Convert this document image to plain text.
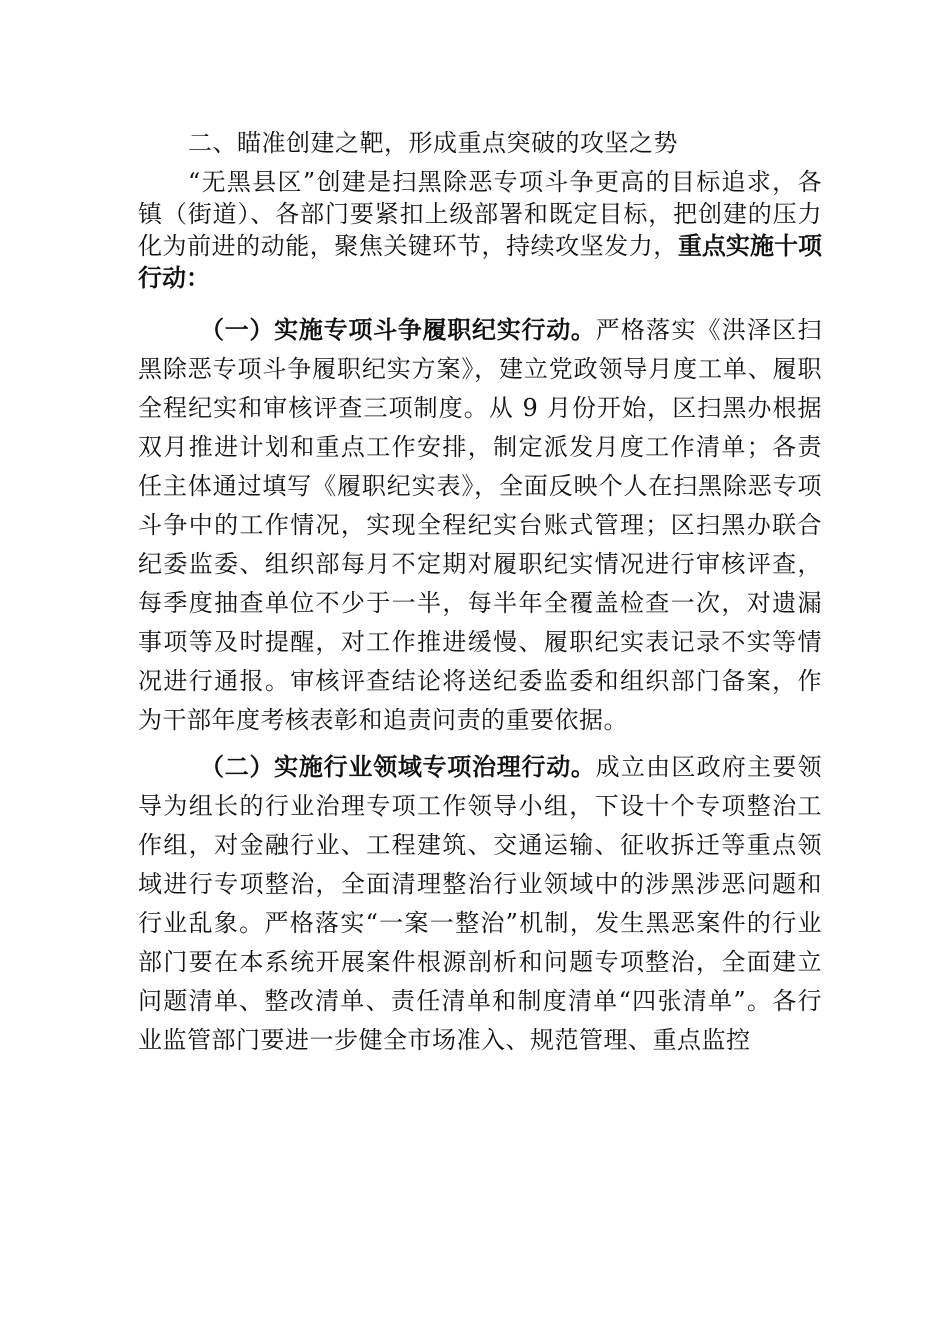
二、瞄准创建之靶，形成重点突破的攻坚之势
“无黑县区”创建是扫黑除恶专项斗争更高的目标追求，各镇（街道）、各部门要紧扣上级部署和既定目标，把创建的压力化为前进的动能，聚焦关键环节，持续攻坚发力，重点实施十项行动：
（一）实施专项斗争履职纪实行动。严格落实《洪泽区扫黑除恶专项斗争履职纪实方案》，建立党政领导月度工单、履职全程纪实和审核评查三项制度。从 9 月份开始，区扫黑办根据双月推进计划和重点工作安排，制定派发月度工作清单；各责任主体通过填写《履职纪实表》，全面反映个人在扫黑除恶专项斗争中的工作情况，实现全程纪实台账式管理；区扫黑办联合纪委监委、组织部每月不定期对履职纪实情况进行审核评查，每季度抽查单位不少于一半，每半年全覆盖检查一次，对遗漏事项等及时提醒，对工作推进缓慢、履职纪实表记录不实等情况进行通报。审核评查结论将送纪委监委和组织部门备案，作为干部年度考核表彰和追责问责的重要依据。
（二）实施行业领域专项治理行动。成立由区政府主要领导为组长的行业治理专项工作领导小组，下设十个专项整治工作组，对金融行业、工程建筑、交通运输、征收拆迁等重点领域进行专项整治，全面清理整治行业领域中的涉黑涉恶问题和行业乱象。严格落实“一案一整治”机制，发生黑恶案件的行业部门要在本系统开展案件根源剖析和问题专项整治，全面建立问题清单、整改清单、责任清单和制度清单“四张清单”。各行业监管部门要进一步健全市场准入、规范管理、重点监控
